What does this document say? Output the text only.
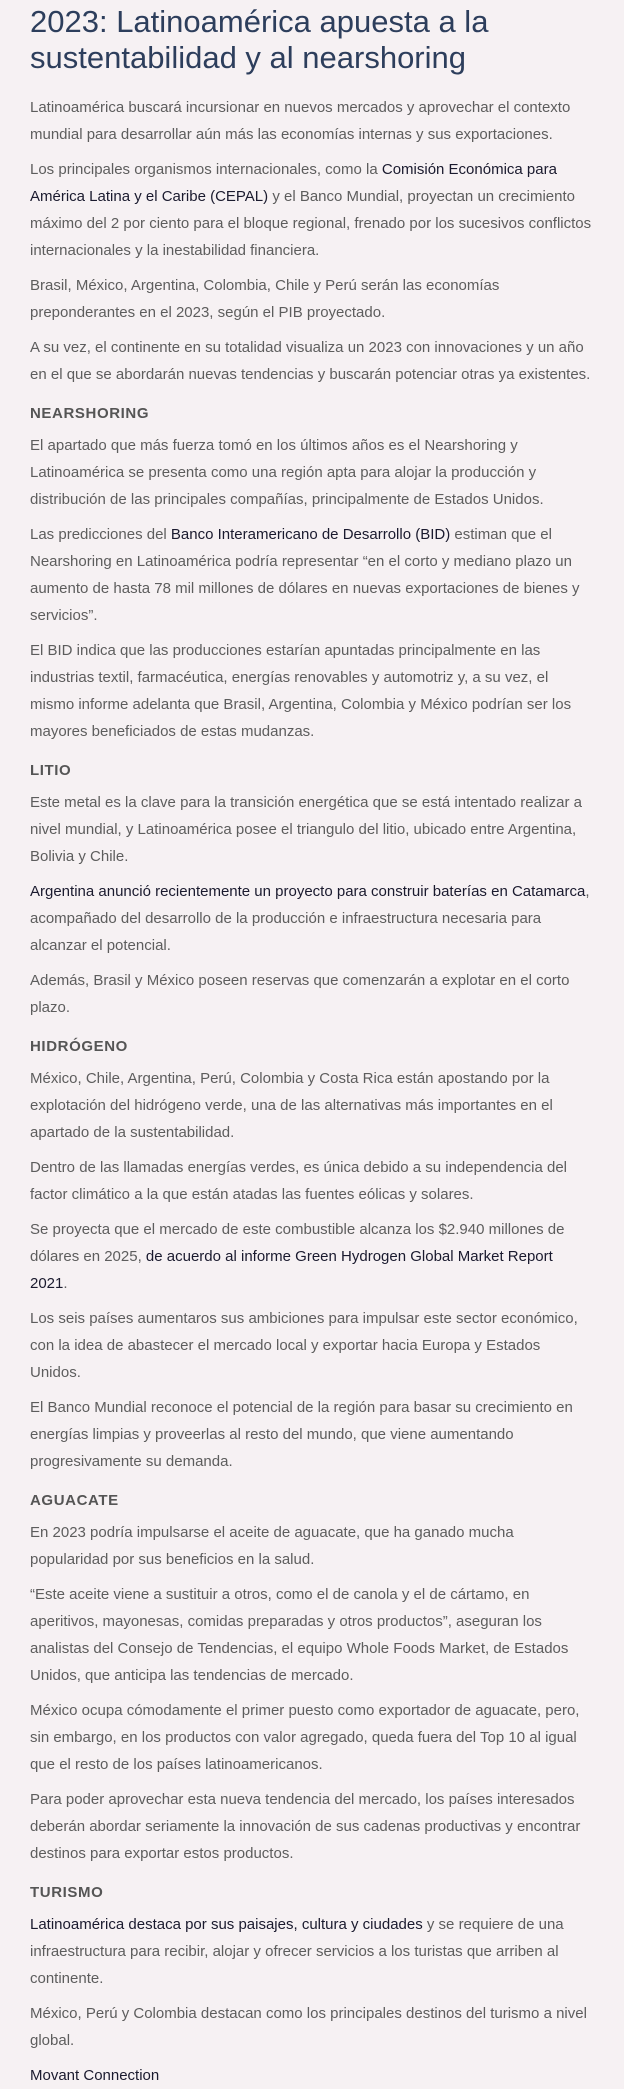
2023: Latinoamérica apuesta a la sustentabilidad y al nearshoring

Latinoamérica buscará incursionar en nuevos mercados y aprovechar el contexto mundial para desarrollar aún más las economías internas y sus exportaciones.

Los principales organismos internacionales, como la Comisión Económica para América Latina y el Caribe (CEPAL) y el Banco Mundial, proyectan un crecimiento máximo del 2 por ciento para el bloque regional, frenado por los sucesivos conflictos internacionales y la inestabilidad financiera.

Brasil, México, Argentina, Colombia, Chile y Perú serán las economías preponderantes en el 2023, según el PIB proyectado.

A su vez, el continente en su totalidad visualiza un 2023 con innovaciones y un año en el que se abordarán nuevas tendencias y buscarán potenciar otras ya existentes.

NEARSHORING

El apartado que más fuerza tomó en los últimos años es el Nearshoring y Latinoamérica se presenta como una región apta para alojar la producción y distribución de las principales compañías, principalmente de Estados Unidos.

Las predicciones del Banco Interamericano de Desarrollo (BID) estiman que el Nearshoring en Latinoamérica podría representar “en el corto y mediano plazo un aumento de hasta 78 mil millones de dólares en nuevas exportaciones de bienes y servicios”.

El BID indica que las producciones estarían apuntadas principalmente en las industrias textil, farmacéutica, energías renovables y automotriz y, a su vez, el mismo informe adelanta que Brasil, Argentina, Colombia y México podrían ser los mayores beneficiados de estas mudanzas.

LITIO

Este metal es la clave para la transición energética que se está intentado realizar a nivel mundial, y Latinoamérica posee el triangulo del litio, ubicado entre Argentina, Bolivia y Chile.

Argentina anunció recientemente un proyecto para construir baterías en Catamarca, acompañado del desarrollo de la producción e infraestructura necesaria para alcanzar el potencial.

Además, Brasil y México poseen reservas que comenzarán a explotar en el corto plazo.

HIDRÓGENO

México, Chile, Argentina, Perú, Colombia y Costa Rica están apostando por la explotación del hidrógeno verde, una de las alternativas más importantes en el apartado de la sustentabilidad.

Dentro de las llamadas energías verdes, es única debido a su independencia del factor climático a la que están atadas las fuentes eólicas y solares.

Se proyecta que el mercado de este combustible alcanza los $2.940 millones de dólares en 2025, de acuerdo al informe Green Hydrogen Global Market Report 2021.

Los seis países aumentaros sus ambiciones para impulsar este sector económico, con la idea de abastecer el mercado local y exportar hacia Europa y Estados Unidos.

El Banco Mundial reconoce el potencial de la región para basar su crecimiento en energías limpias y proveerlas al resto del mundo, que viene aumentando progresivamente su demanda.

AGUACATE

En 2023 podría impulsarse el aceite de aguacate, que ha ganado mucha popularidad por sus beneficios en la salud.

“Este aceite viene a sustituir a otros, como el de canola y el de cártamo, en aperitivos, mayonesas, comidas preparadas y otros productos”, aseguran los analistas del Consejo de Tendencias, el equipo Whole Foods Market, de Estados Unidos, que anticipa las tendencias de mercado.

México ocupa cómodamente el primer puesto como exportador de aguacate, pero, sin embargo, en los productos con valor agregado, queda fuera del Top 10 al igual que el resto de los países latinoamericanos.

Para poder aprovechar esta nueva tendencia del mercado, los países interesados deberán abordar seriamente la innovación de sus cadenas productivas y encontrar destinos para exportar estos productos.

TURISMO

Latinoamérica destaca por sus paisajes, cultura y ciudades y se requiere de una infraestructura para recibir, alojar y ofrecer servicios a los turistas que arriben al continente.

México, Perú y Colombia destacan como los principales destinos del turismo a nivel global.

Movant Connection
